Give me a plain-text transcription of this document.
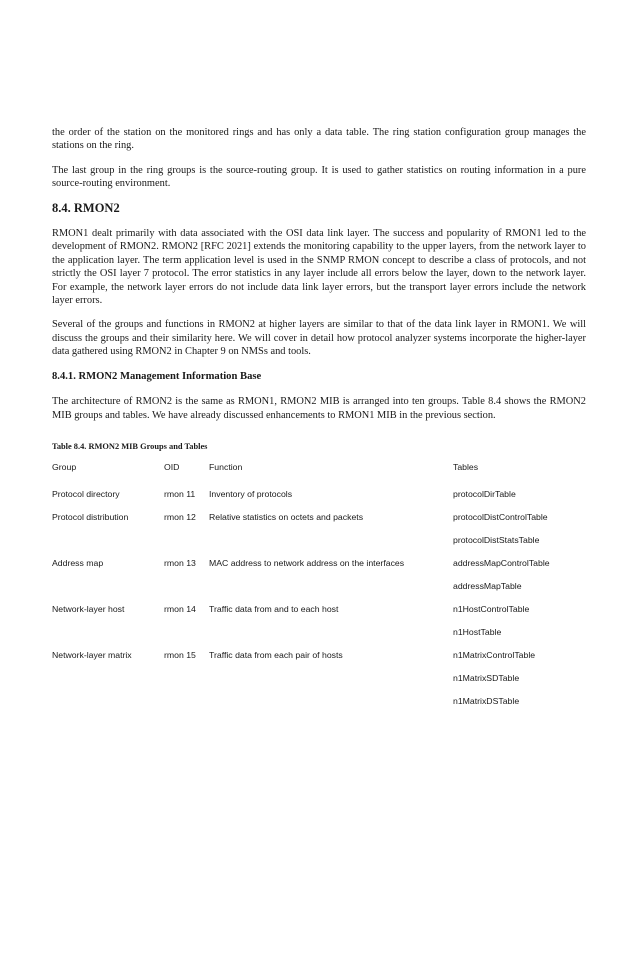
the order of the station on the monitored rings and has only a data table. The ring station configuration group manages the stations on the ring.

The last group in the ring groups is the source-routing group. It is used to gather statistics on routing information in a pure source-routing environment.

8.4. RMON2

RMON1 dealt primarily with data associated with the OSI data link layer. The success and popularity of RMON1 led to the development of RMON2. RMON2 [RFC 2021] extends the monitoring capability to the upper layers, from the network layer to the application layer. The term application level is used in the SNMP RMON concept to describe a class of protocols, and not strictly the OSI layer 7 protocol. The error statistics in any layer include all errors below the layer, down to the network layer. For example, the network layer errors do not include data link layer errors, but the transport layer errors include the network layer errors.

Several of the groups and functions in RMON2 at higher layers are similar to that of the data link layer in RMON1. We will discuss the groups and their similarity here. We will cover in detail how protocol analyzer systems incorporate the higher-layer data gathered using RMON2 in Chapter 9 on NMSs and tools.

8.4.1. RMON2 Management Information Base

The architecture of RMON2 is the same as RMON1, RMON2 MIB is arranged into ten groups. Table 8.4 shows the RMON2 MIB groups and tables. We have already discussed enhancements to RMON1 MIB in the previous section.

Table 8.4. RMON2 MIB Groups and Tables
Group	OID	Function	Tables
Protocol directory	rmon 11	Inventory of protocols	protocolDirTable
Protocol distribution	rmon 12	Relative statistics on octets and packets	protocolDistControlTable
			protocolDistStatsTable
Address map	rmon 13	MAC address to network address on the interfaces	addressMapControlTable
			addressMapTable
Network-layer host	rmon 14	Traffic data from and to each host	n1HostControlTable
			n1HostTable
Network-layer matrix	rmon 15	Traffic data from each pair of hosts	n1MatrixControlTable
			n1MatrixSDTable
			n1MatrixDSTable
